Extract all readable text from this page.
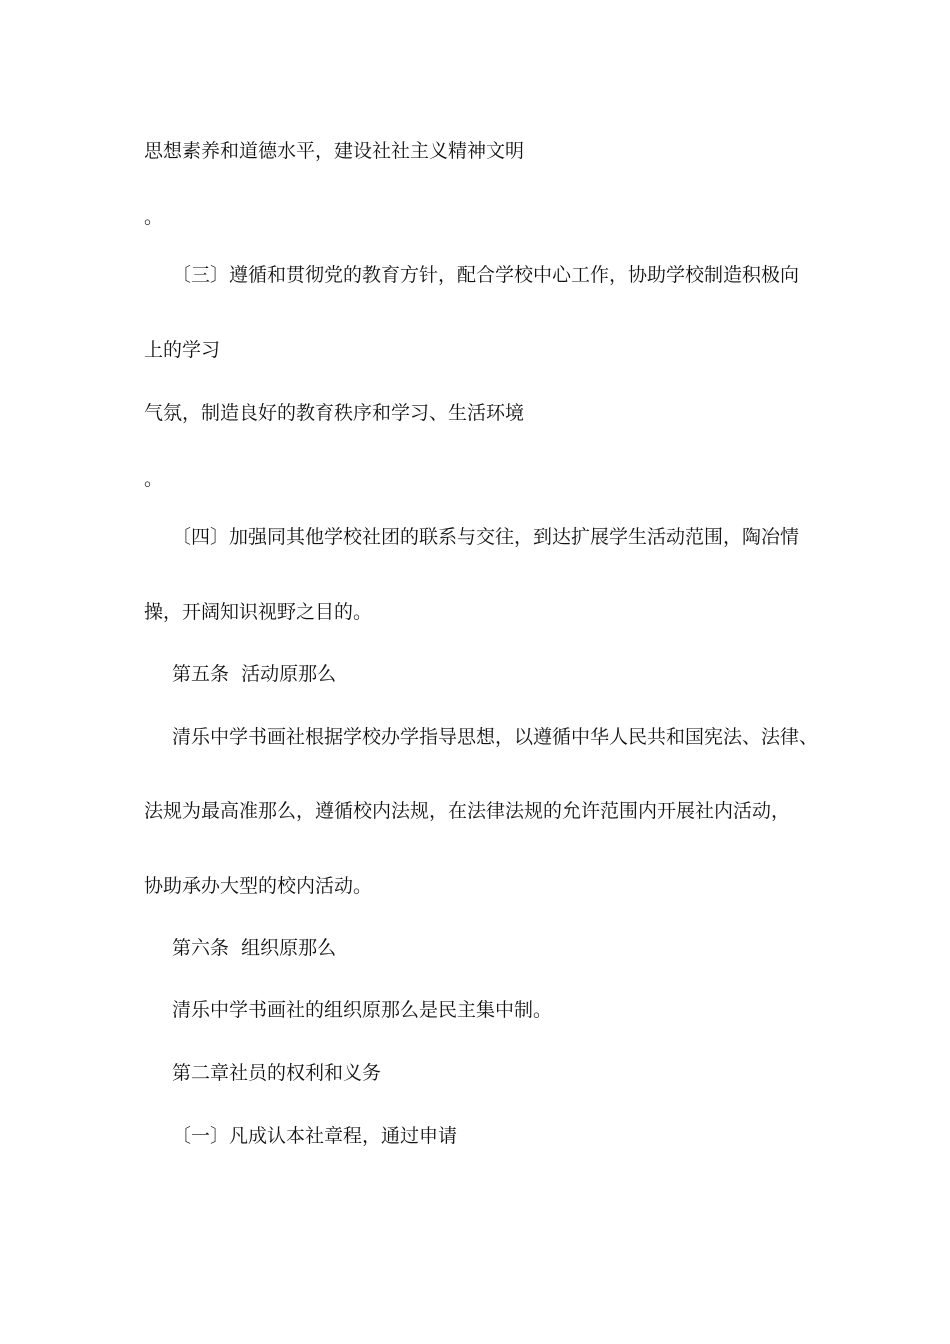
思想素养和道德水平，建设社社主义精神文明
。
〔三〕遵循和贯彻党的教育方针，配合学校中心工作，协助学校制造积极向
上的学习
气氛，制造良好的教育秩序和学习、生活环境
。
〔四〕加强同其他学校社团的联系与交往，到达扩展学生活动范围，陶冶情
操，开阔知识视野之目的。
第五条  活动原那么
清乐中学书画社根据学校办学指导思想，以遵循中华人民共和国宪法、法律、
法规为最高准那么，遵循校内法规，在法律法规的允许范围内开展社内活动，
协助承办大型的校内活动。
第六条  组织原那么
清乐中学书画社的组织原那么是民主集中制。
第二章社员的权利和义务
〔一〕凡成认本社章程，通过申请
